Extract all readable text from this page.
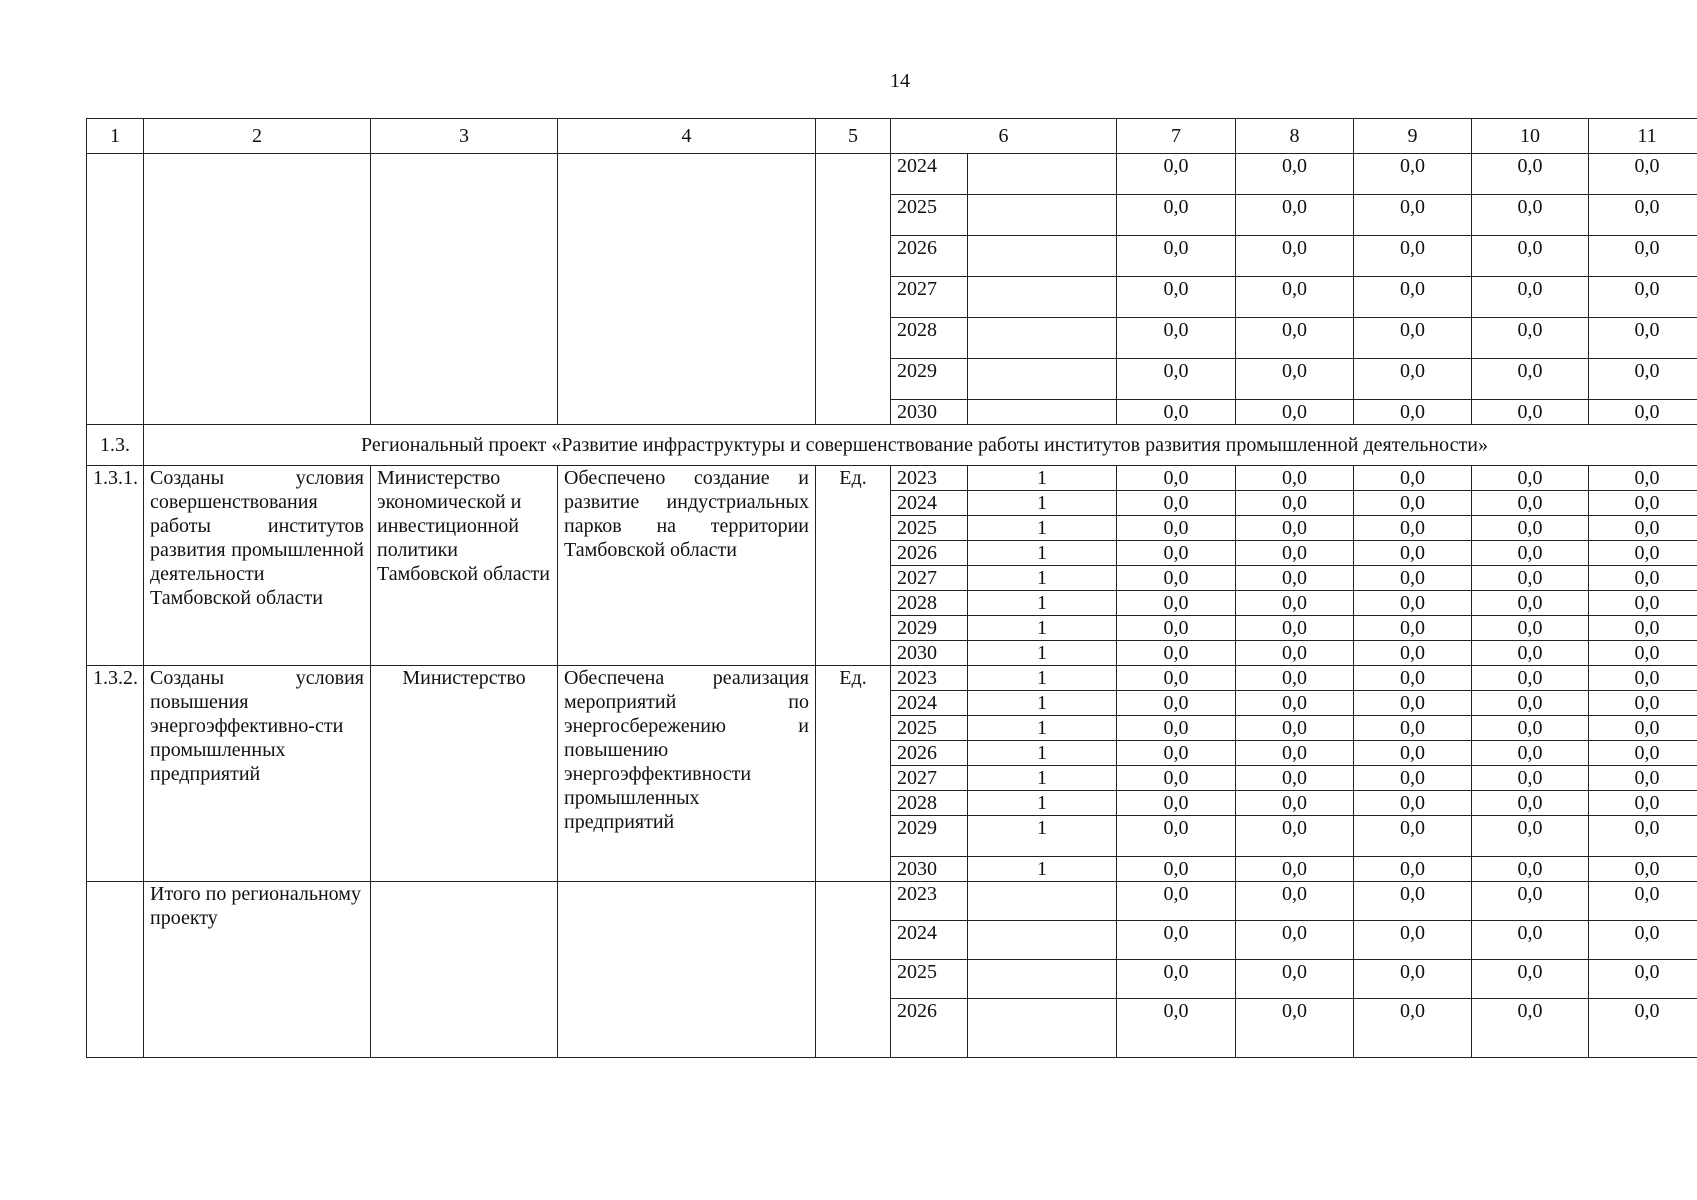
14
1	2	3	4	5	6		7	8	9	10	11
					2024		0,0	0,0	0,0	0,0	0,0
					2025		0,0	0,0	0,0	0,0	0,0
					2026		0,0	0,0	0,0	0,0	0,0
					2027		0,0	0,0	0,0	0,0	0,0
					2028		0,0	0,0	0,0	0,0	0,0
					2029		0,0	0,0	0,0	0,0	0,0
					2030		0,0	0,0	0,0	0,0	0,0
1.3.	Региональный проект «Развитие инфраструктуры и совершенствование работы институтов развития промышленной деятельности»										
1.3.1.	Созданы условия совершенствования работы институтов развития промышленной деятельности Тамбовской области	Министерство экономической и инвестиционной политики Тамбовской области	Обеспечено создание и развитие индустриальных парков на территории Тамбовской области	Ед.	2023	1	0,0	0,0	0,0	0,0	0,0
					2024	1	0,0	0,0	0,0	0,0	0,0
					2025	1	0,0	0,0	0,0	0,0	0,0
					2026	1	0,0	0,0	0,0	0,0	0,0
					2027	1	0,0	0,0	0,0	0,0	0,0
					2028	1	0,0	0,0	0,0	0,0	0,0
					2029	1	0,0	0,0	0,0	0,0	0,0
					2030	1	0,0	0,0	0,0	0,0	0,0
1.3.2.	Созданы условия повышения энергоэффективно-сти промышленных предприятий	Министерство	Обеспечена реализация мероприятий по энергосбережению и повышению энергоэффективности промышленных предприятий	Ед.	2023	1	0,0	0,0	0,0	0,0	0,0
					2024	1	0,0	0,0	0,0	0,0	0,0
					2025	1	0,0	0,0	0,0	0,0	0,0
					2026	1	0,0	0,0	0,0	0,0	0,0
					2027	1	0,0	0,0	0,0	0,0	0,0
					2028	1	0,0	0,0	0,0	0,0	0,0
					2029	1	0,0	0,0	0,0	0,0	0,0
					2030	1	0,0	0,0	0,0	0,0	0,0
	Итого по региональному проекту				2023		0,0	0,0	0,0	0,0	0,0
					2024		0,0	0,0	0,0	0,0	0,0
					2025		0,0	0,0	0,0	0,0	0,0
					2026		0,0	0,0	0,0	0,0	0,0
